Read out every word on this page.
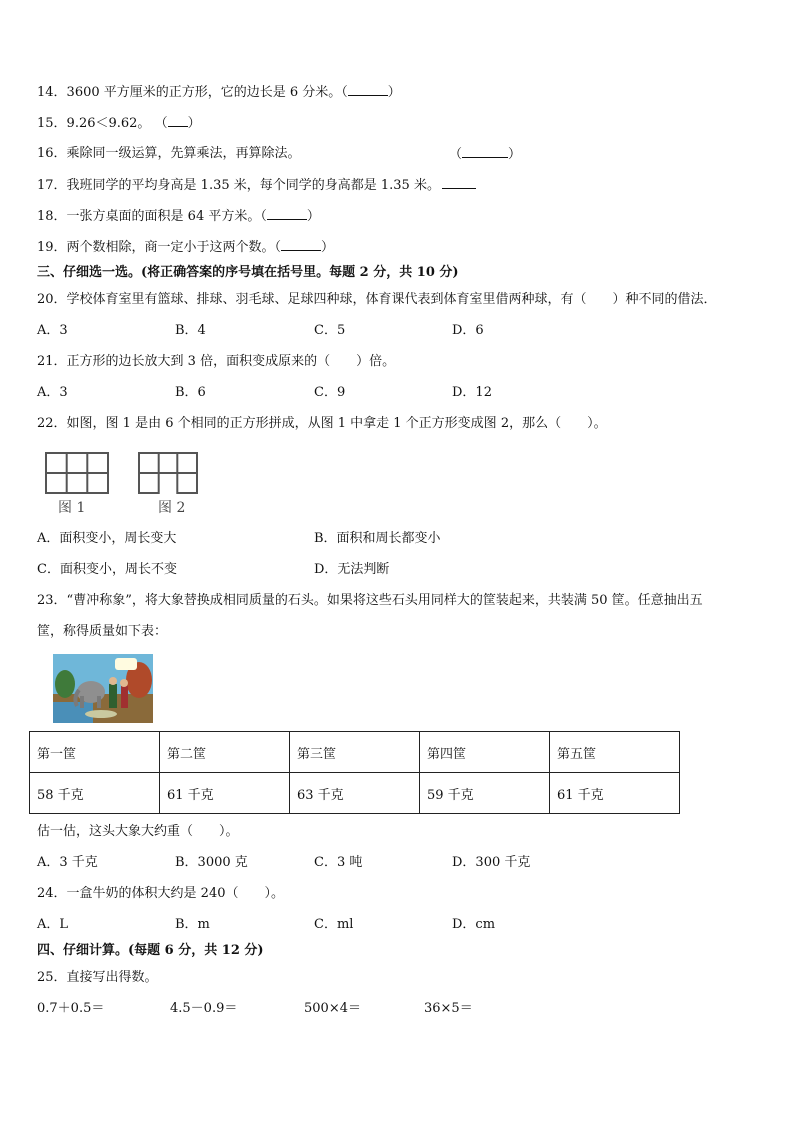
14．3600 平方厘米的正方形，它的边长是 6 分米。（	）
15．9.26＜9.62。 （ ）
16．乘除同一级运算，先算乘法，再算除法。	（	）
17．我班同学的平均身高是 1.35 米，每个同学的身高都是 1.35 米。
18．一张方桌面的面积是 64 平方米。（	）
19．两个数相除，商一定小于这两个数。（	）
三、仔细选一选。(将正确答案的序号填在括号里。每题 2 分，共 10 分)
20．学校体育室里有篮球、排球、羽毛球、足球四种球，体育课代表到体育室里借两种球，有（　　）种不同的借法．
A．3	B．4	C．5	D．6
21．正方形的边长放大到 3 倍，面积变成原来的（　　）倍。
A．3	B．6	C．9	D．12
22．如图，图 1 是由 6 个相同的正方形拼成，从图 1 中拿走 1 个正方形变成图 2，那么（　　）。
图 1	图 2
A．面积变小，周长变大	B．面积和周长都变小
C．面积变小，周长不变	D．无法判断
23．“曹冲称象”，将大象替换成相同质量的石头。如果将这些石头用同样大的筐装起来，共装满 50 筐。任意抽出五
筐，称得质量如下表：
第一筐	第二筐	第三筐	第四筐	第五筐
58 千克	61 千克	63 千克	59 千克	61 千克
估一估，这头大象大约重（　　）。
A．3 千克	B．3000 克	C．3 吨	D．300 千克
24．一盒牛奶的体积大约是 240（　　）。
A．L	B．m	C．ml	D．cm
四、仔细计算。(每题 6 分，共 12 分)
25．直接写出得数。
0.7＋0.5＝	4.5－0.9＝	500×4＝	36×5＝
